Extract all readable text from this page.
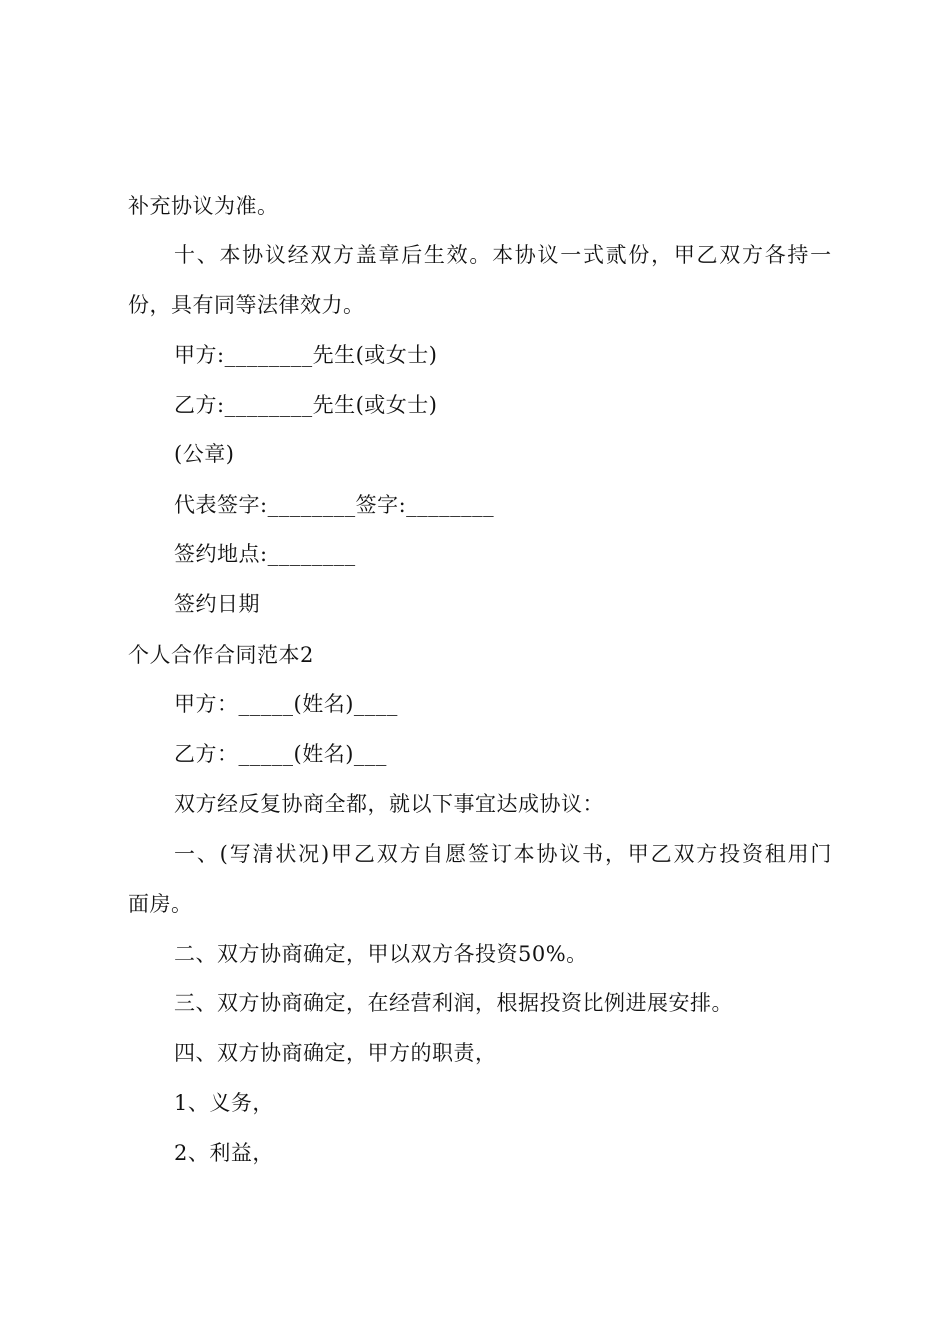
补充协议为准。
十 、 本 协 议 经 双 方 盖 章 后 生 效 。 本 协 议 一 式 贰 份 ， 甲 乙 双 方 各 持 一
份，具有同等法律效力。
甲方:________先生(或女士)
乙方:________先生(或女士)
(公章)
代表签字:________签字:________
签约地点:________
签约日期
个人合作合同范本2
甲方：_____(姓名)____
乙方：_____(姓名)___
双方经反复协商全都，就以下事宜达成协议：
一 、 ( 写 清 状 况 ) 甲 乙 双 方 自 愿 签 订 本 协 议 书 ， 甲 乙 双 方 投 资 租 用 门
面房。
二、双方协商确定，甲以双方各投资50%。
三、双方协商确定，在经营利润，根据投资比例进展安排。
四、双方协商确定，甲方的职责，
1、义务，
2、利益，
